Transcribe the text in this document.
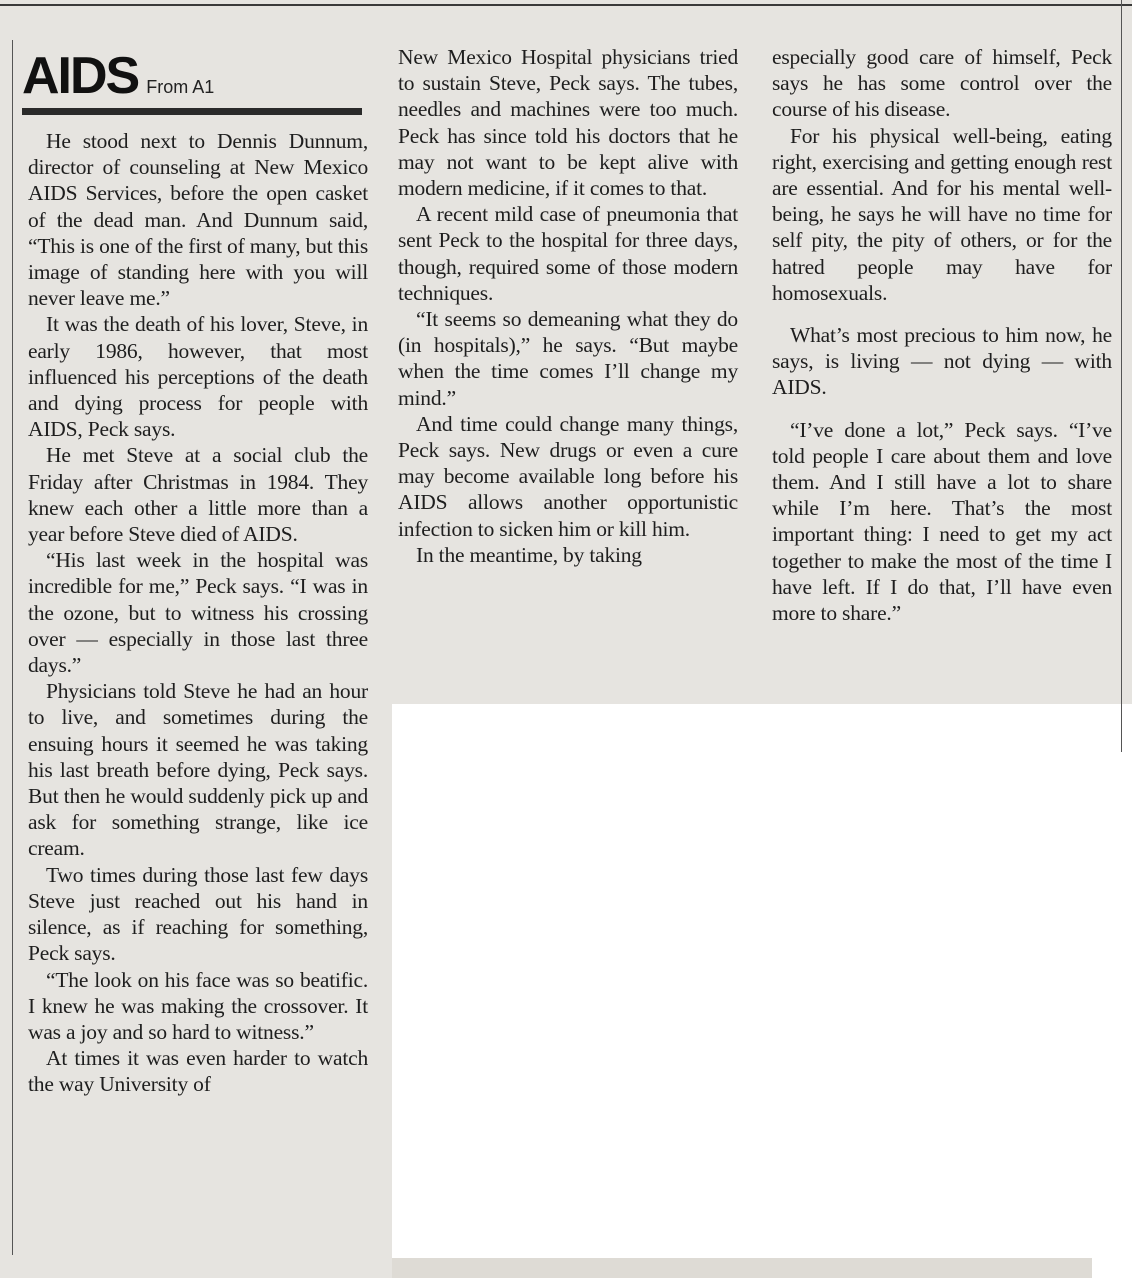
AIDS From A1

He stood next to Dennis Dunnum, director of counseling at New Mexico AIDS Services, before the open casket of the dead man. And Dunnum said, “This is one of the first of many, but this image of standing here with you will never leave me.”

It was the death of his lover, Steve, in early 1986, however, that most influenced his perceptions of the death and dying process for people with AIDS, Peck says.

He met Steve at a social club the Friday after Christmas in 1984. They knew each other a little more than a year before Steve died of AIDS.

“His last week in the hospital was incredible for me,” Peck says. “I was in the ozone, but to witness his crossing over — especially in those last three days.”

Physicians told Steve he had an hour to live, and sometimes during the ensuing hours it seemed he was taking his last breath before dying, Peck says. But then he would suddenly pick up and ask for something strange, like ice cream.

Two times during those last few days Steve just reached out his hand in silence, as if reaching for something, Peck says.

“The look on his face was so beatific. I knew he was making the crossover. It was a joy and so hard to witness.”

At times it was even harder to watch the way University of

New Mexico Hospital physicians tried to sustain Steve, Peck says. The tubes, needles and machines were too much. Peck has since told his doctors that he may not want to be kept alive with modern medicine, if it comes to that.

A recent mild case of pneumonia that sent Peck to the hospital for three days, though, required some of those modern techniques.

“It seems so demeaning what they do (in hospitals),” he says. “But maybe when the time comes I’ll change my mind.”

And time could change many things, Peck says. New drugs or even a cure may become available long before his AIDS allows another opportunistic infection to sicken him or kill him.

In the meantime, by taking

especially good care of himself, Peck says he has some control over the course of his disease.

For his physical well-being, eating right, exercising and getting enough rest are essential. And for his mental well-being, he says he will have no time for self pity, the pity of others, or for the hatred people may have for homosexuals.

What’s most precious to him now, he says, is living — not dying — with AIDS.

“I’ve done a lot,” Peck says. “I’ve told people I care about them and love them. And I still have a lot to share while I’m here. That’s the most important thing: I need to get my act together to make the most of the time I have left. If I do that, I’ll have even more to share.”
